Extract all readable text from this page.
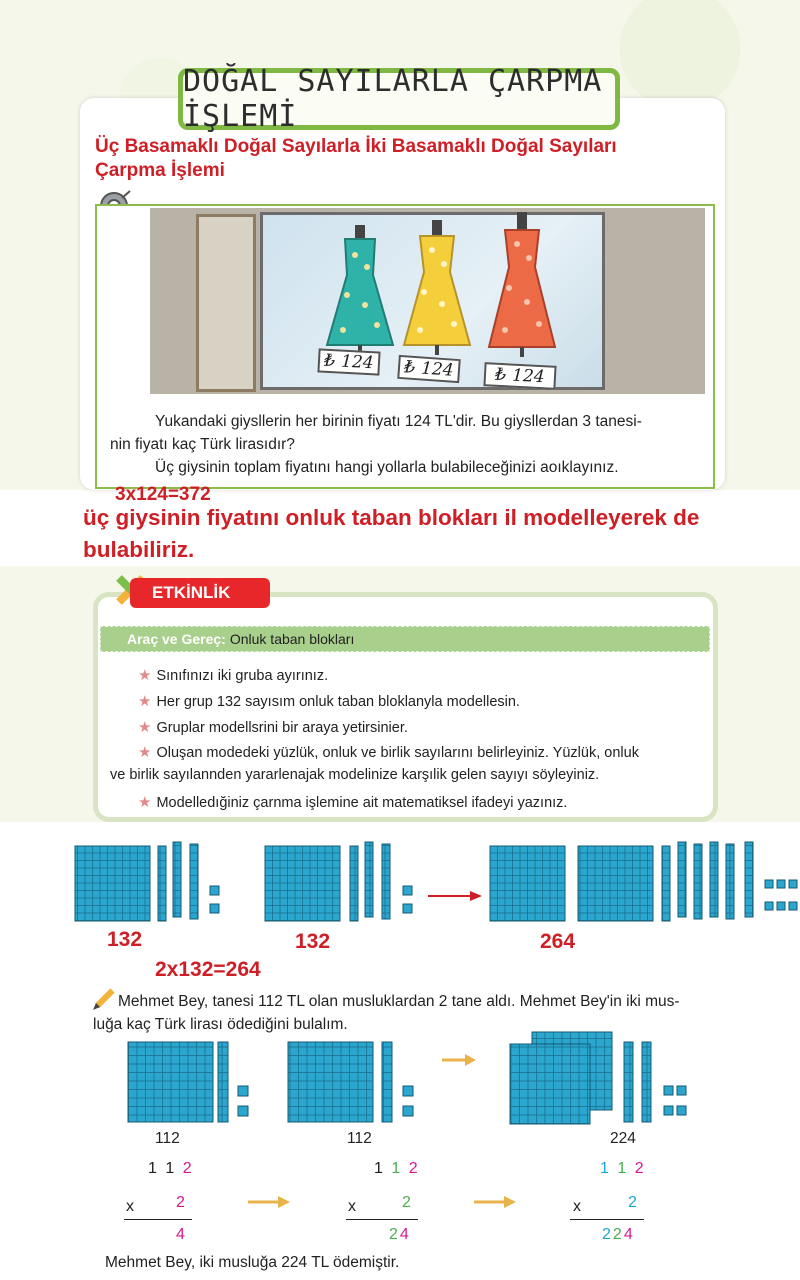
DOĞAL SAYILARLA ÇARPMA İŞLEMİ
Üç Basamaklı Doğal Sayılarla İki Basamaklı Doğal Sayıları
Çarpma İşlemi
₺ 124 ₺ 124 ₺ 124
Yukandaki giysllerin her birinin fiyatı 124 TL'dir. Bu giysllerdan 3 tanesi-
nin fiyatı kaç Türk lirasıdır?
Üç giysinin toplam fiyatını hangi yollarla bulabileceğinizi aoıklayınız.
3x124=372
üç giysinin fiyatını onluk taban blokları il modelleyerek de
bulabiliriz.
ETKİNLİK
Araç ve Gereç: Onluk taban blokları
★ Sınıfınızı iki gruba ayırınız.
★ Her grup 132 sayısım onluk taban bloklanyla modellesin.
★ Gruplar modellsrini bir araya yetirsinier.
★ Oluşan modedeki yüzlük, onluk ve birlik sayılarını belirleyiniz. Yüzlük, onluk
ve birlik sayılannden yararlenajak modelinize karşılik gelen sayıyı söyleyiniz.
★ Modelledığiniz çarnma işlemine ait matematiksel ifadeyi yazınız.
132	132	264
2x132=264
Mehmet Bey, tanesi 112 TL olan musluklardan 2 tane aldı. Mehmet Bey'in iki mus-
luğa kaç Türk lirası ödediğini bulalım.
112	112	224
1 1 2
x	2
4
1 1 2
x	2
24
1 1 2
x	2
224
Mehmet Bey, iki musluğa 224 TL ödemiştir.
